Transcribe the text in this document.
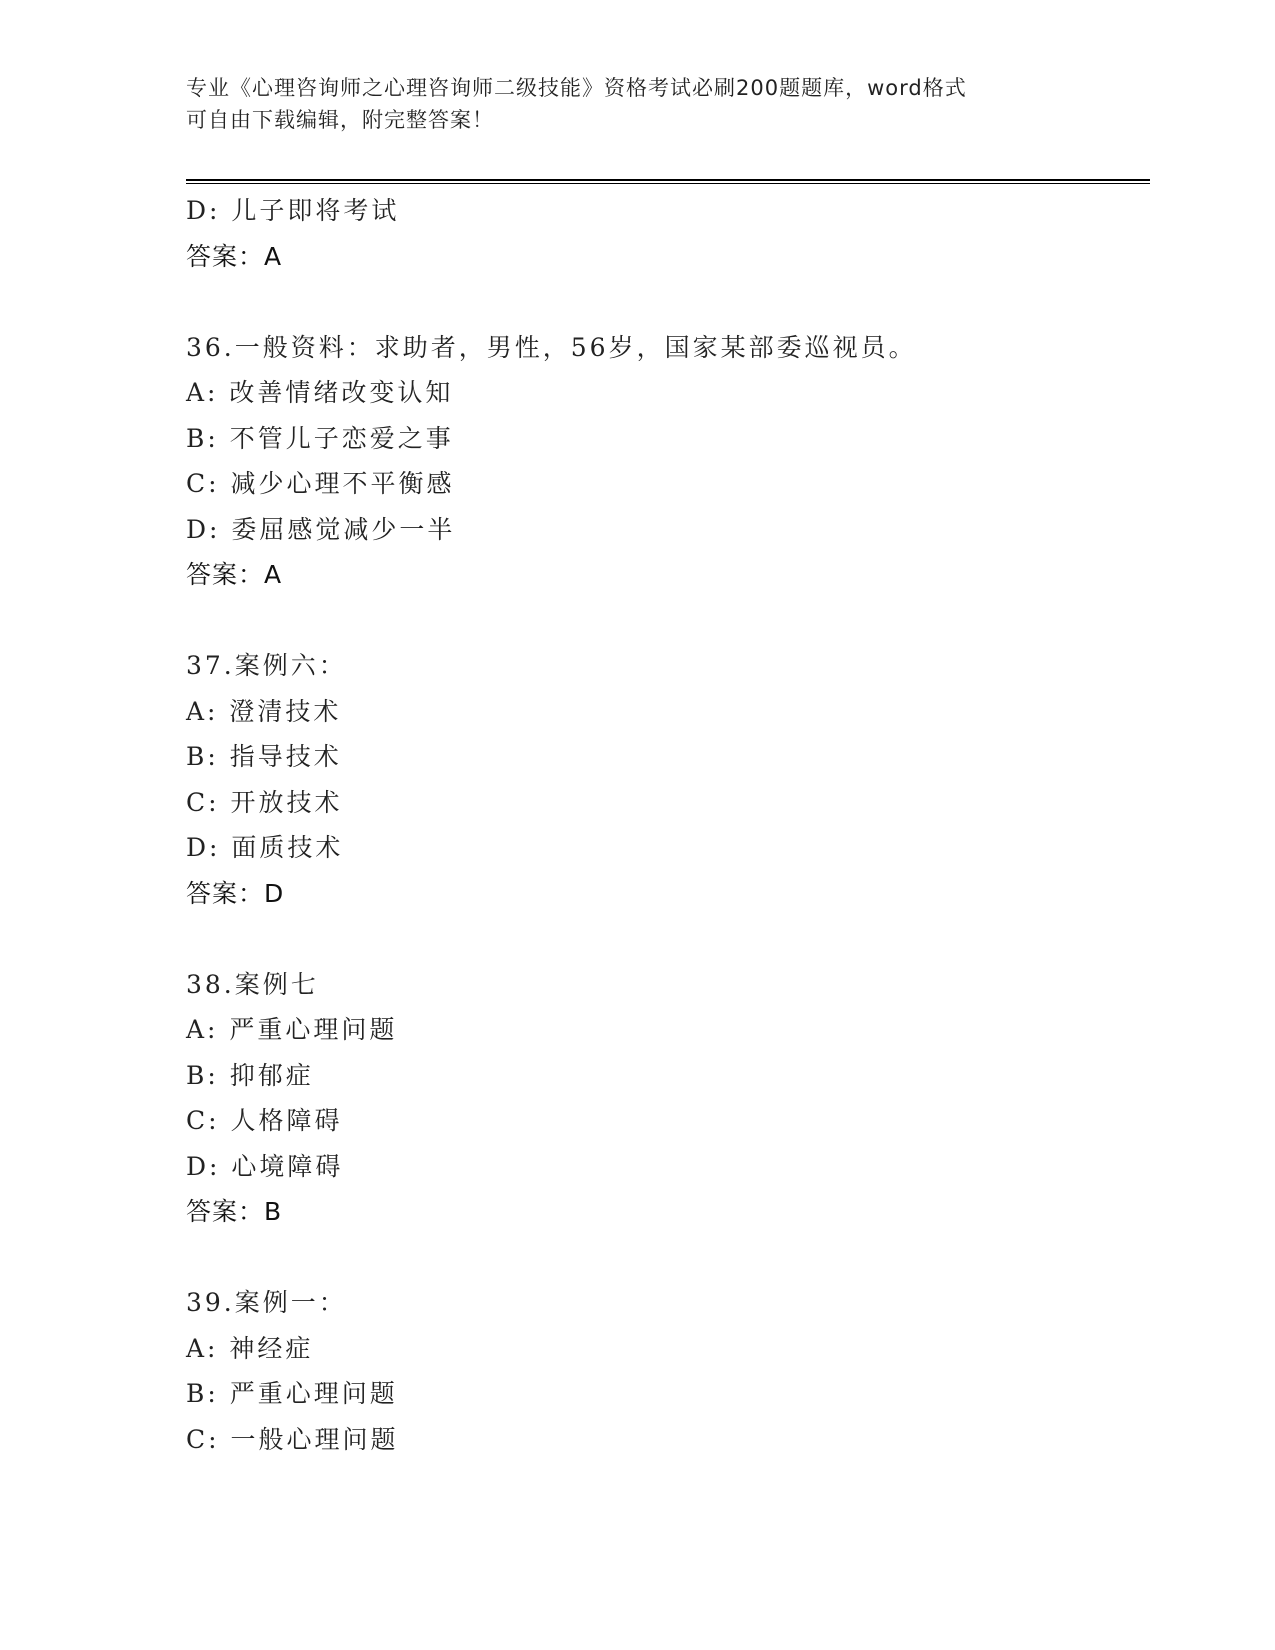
专业《心理咨询师之心理咨询师二级技能》资格考试必刷200题题库，word格式
可自由下载编辑，附完整答案！
D: 儿子即将考试
答案：A
36.一般资料：求助者，男性，56岁，国家某部委巡视员。
A: 改善情绪改变认知
B: 不管儿子恋爱之事
C: 减少心理不平衡感
D: 委屈感觉减少一半
答案：A
37.案例六：
A: 澄清技术
B: 指导技术
C: 开放技术
D: 面质技术
答案：D
38.案例七
A: 严重心理问题
B: 抑郁症
C: 人格障碍
D: 心境障碍
答案：B
39.案例一：
A: 神经症
B: 严重心理问题
C: 一般心理问题
